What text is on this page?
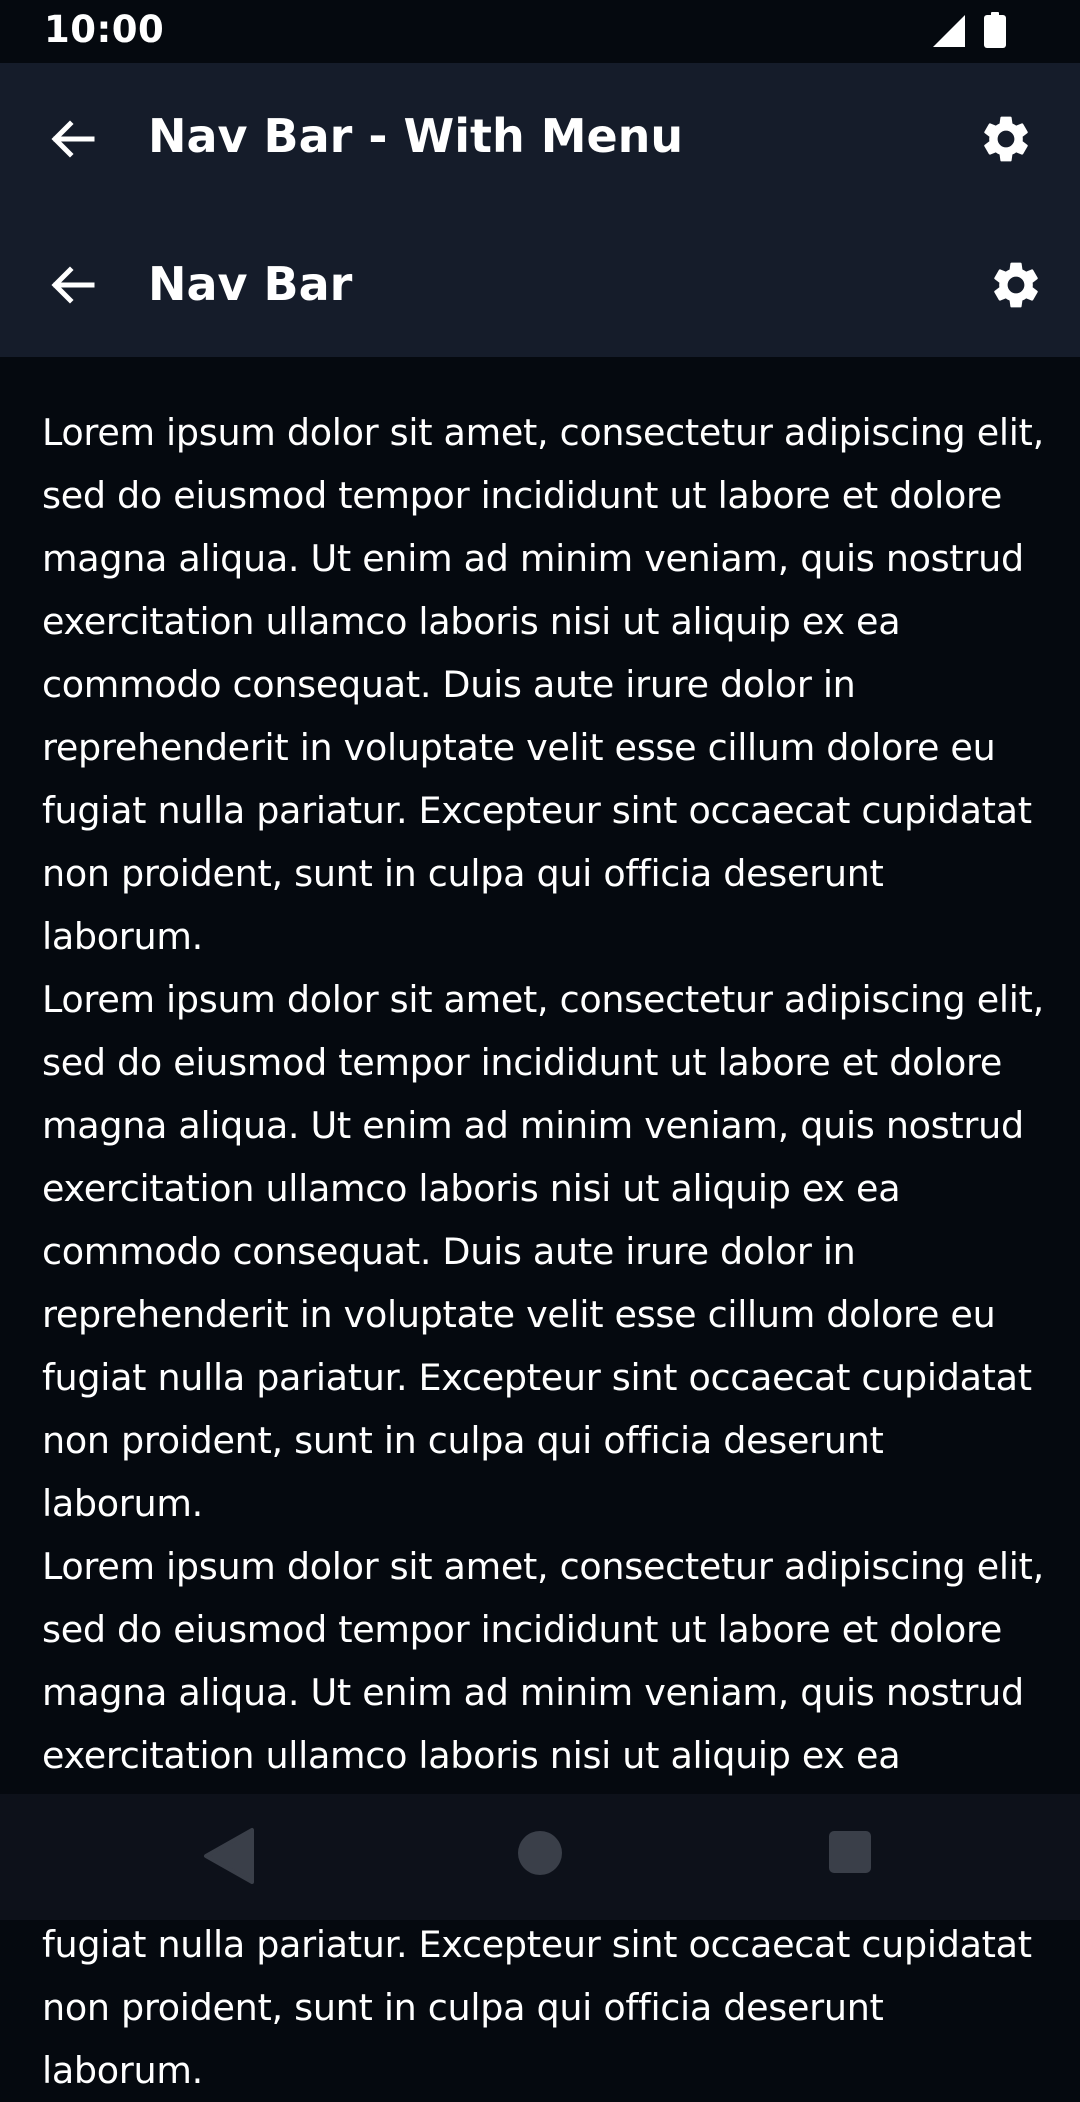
10:00
Nav Bar - With Menu
Nav Bar

Lorem ipsum dolor sit amet, consectetur adipiscing elit, sed do eiusmod tempor incididunt ut labore et dolore magna aliqua. Ut enim ad minim veniam, quis nostrud exercitation ullamco laboris nisi ut aliquip ex ea commodo consequat. Duis aute irure dolor in reprehenderit in voluptate velit esse cillum dolore eu fugiat nulla pariatur. Excepteur sint occaecat cupidatat non proident, sunt in culpa qui officia deserunt laborum.

Lorem ipsum dolor sit amet, consectetur adipiscing elit, sed do eiusmod tempor incididunt ut labore et dolore magna aliqua. Ut enim ad minim veniam, quis nostrud exercitation ullamco laboris nisi ut aliquip ex ea commodo consequat. Duis aute irure dolor in reprehenderit in voluptate velit esse cillum dolore eu fugiat nulla pariatur. Excepteur sint occaecat cupidatat non proident, sunt in culpa qui officia deserunt laborum.

Lorem ipsum dolor sit amet, consectetur adipiscing elit, sed do eiusmod tempor incididunt ut labore et dolore magna aliqua. Ut enim ad minim veniam, quis nostrud exercitation ullamco laboris nisi ut aliquip ex ea fugiat nulla pariatur. Excepteur sint occaecat cupidatat non proident, sunt in culpa qui officia deserunt laborum.
